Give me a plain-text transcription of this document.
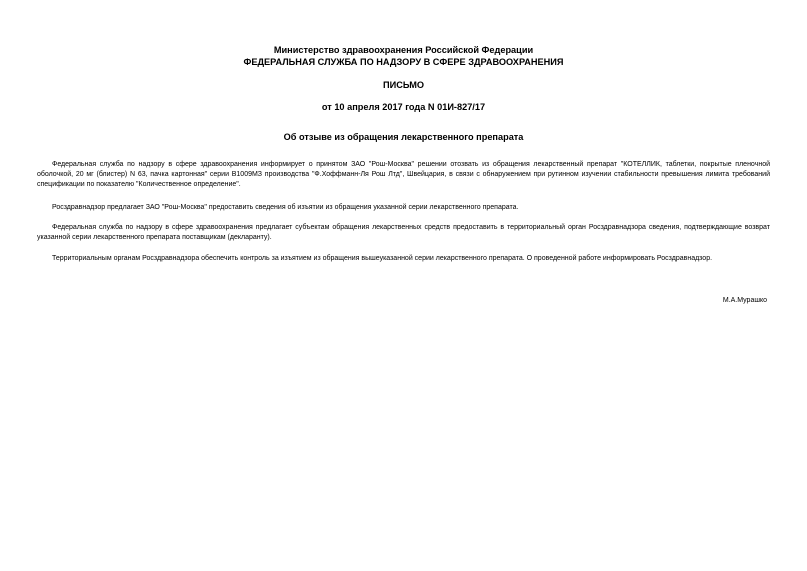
Министерство здравоохранения Российской Федерации
ФЕДЕРАЛЬНАЯ СЛУЖБА ПО НАДЗОРУ В СФЕРЕ ЗДРАВООХРАНЕНИЯ
ПИСЬМО
от 10 апреля 2017 года N 01И-827/17
Об отзыве из обращения лекарственного препарата

Федеральная служба по надзору в сфере здравоохранения информирует о принятом ЗАО "Рош-Москва" решении отозвать из обращения лекарственный препарат "КОТЕЛЛИК, таблетки, покрытые пленочной оболочкой, 20 мг (блистер) N 63, пачка картонная" серии В1009МЗ производства "Ф.Хоффманн-Ля Рош Лтд", Швейцария, в связи с обнаружением при рутинном изучении стабильности превышения лимита требований спецификации по показателю "Количественное определение".

Росздравнадзор предлагает ЗАО "Рош-Москва" предоставить сведения об изъятии из обращения указанной серии лекарственного препарата.

Федеральная служба по надзору в сфере здравоохранения предлагает субъектам обращения лекарственных средств предоставить в территориальный орган Росздравнадзора сведения, подтверждающие возврат указанной серии лекарственного препарата поставщикам (декларанту).

Территориальным органам Росздравнадзора обеспечить контроль за изъятием из обращения вышеуказанной серии лекарственного препарата. О проведенной работе информировать Росздравнадзор.

М.А.Мурашко
